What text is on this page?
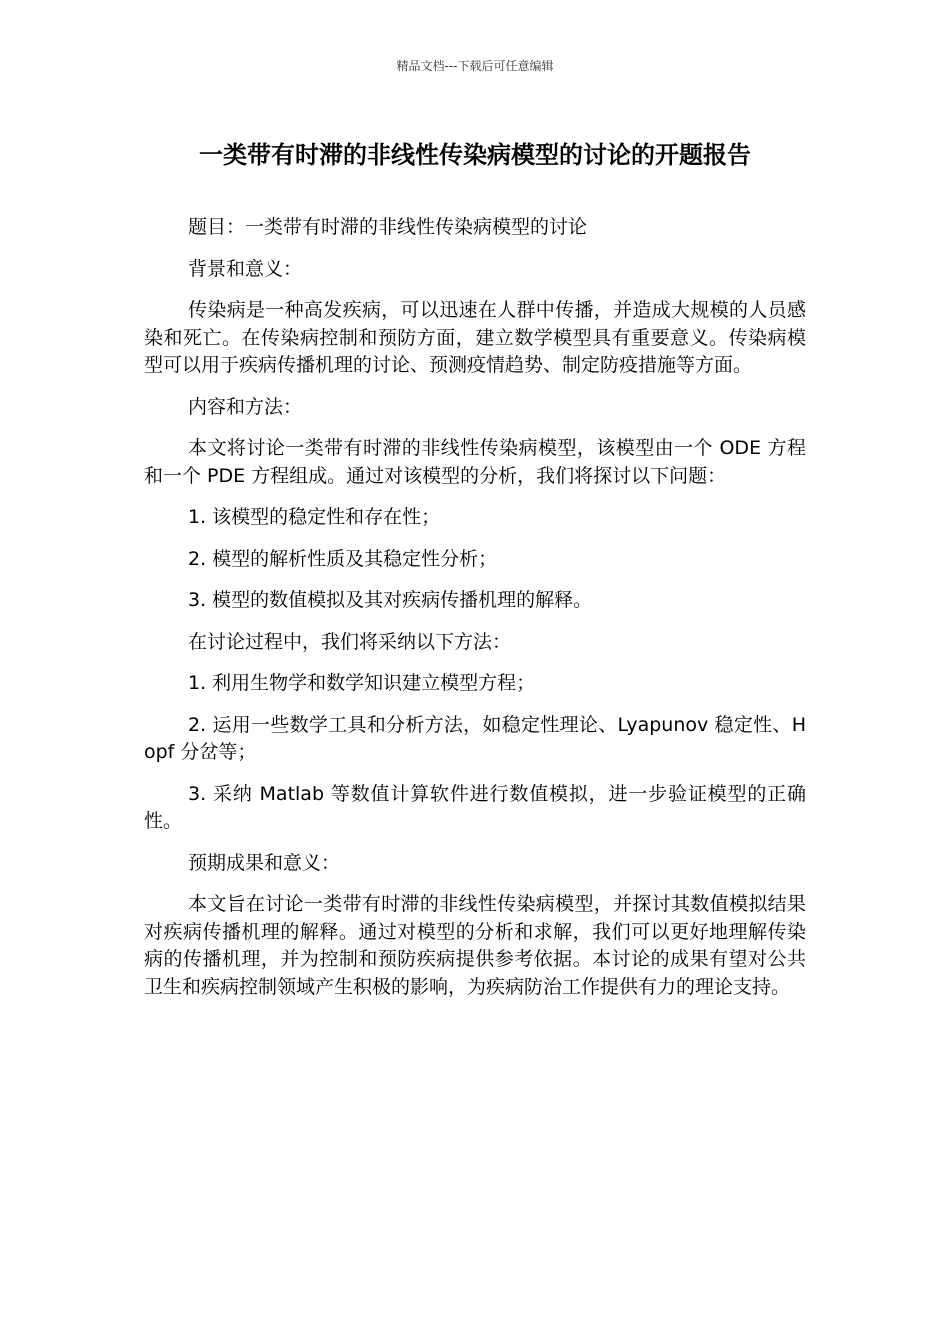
精品文档---下载后可任意编辑
一类带有时滞的非线性传染病模型的讨论的开题报告

题目：一类带有时滞的非线性传染病模型的讨论

背景和意义：

传染病是一种高发疾病，可以迅速在人群中传播，并造成大规模的人员感染和死亡。在传染病控制和预防方面，建立数学模型具有重要意义。传染病模型可以用于疾病传播机理的讨论、预测疫情趋势、制定防疫措施等方面。

内容和方法：

本文将讨论一类带有时滞的非线性传染病模型，该模型由一个 ODE 方程和一个 PDE 方程组成。通过对该模型的分析，我们将探讨以下问题：

1. 该模型的稳定性和存在性；

2. 模型的解析性质及其稳定性分析；

3. 模型的数值模拟及其对疾病传播机理的解释。

在讨论过程中，我们将采纳以下方法：

1. 利用生物学和数学知识建立模型方程；

2. 运用一些数学工具和分析方法，如稳定性理论、Lyapunov 稳定性、Hopf 分岔等；

3. 采纳 Matlab 等数值计算软件进行数值模拟，进一步验证模型的正确性。

预期成果和意义：

本文旨在讨论一类带有时滞的非线性传染病模型，并探讨其数值模拟结果对疾病传播机理的解释。通过对模型的分析和求解，我们可以更好地理解传染病的传播机理，并为控制和预防疾病提供参考依据。本讨论的成果有望对公共卫生和疾病控制领域产生积极的影响，为疾病防治工作提供有力的理论支持。
